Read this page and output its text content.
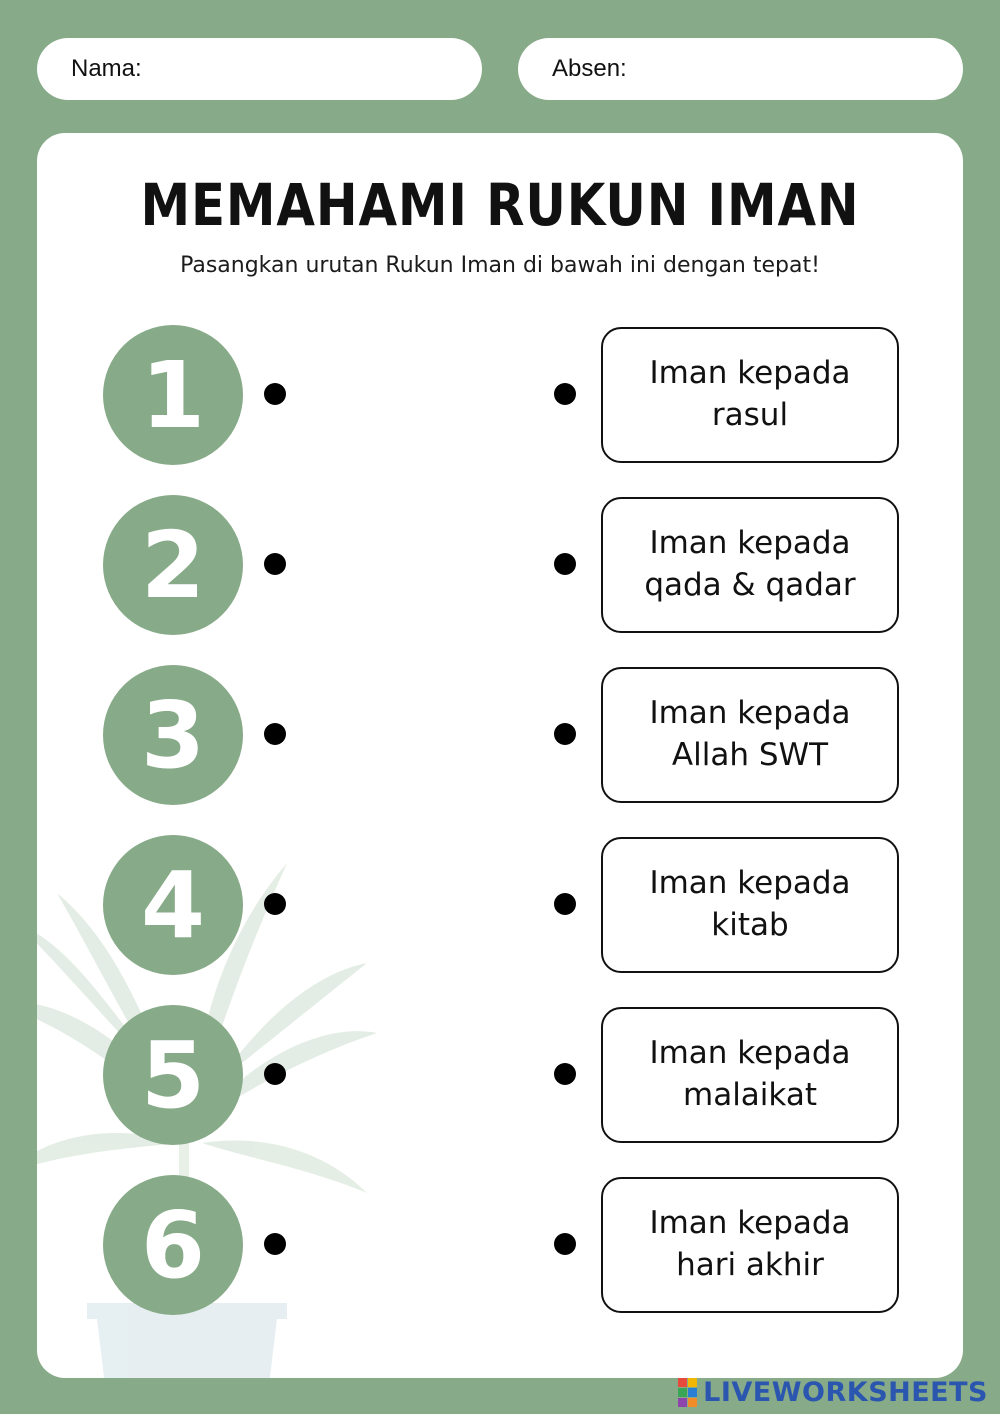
Nama:	Absen:
MEMAHAMI RUKUN IMAN
Pasangkan urutan Rukun Iman di bawah ini dengan tepat!
1	Iman kepada
rasul
2	Iman kepada
qada & qadar
3	Iman kepada
Allah SWT
4	Iman kepada
kitab
5	Iman kepada
malaikat
6	Iman kepada
hari akhir
LIVEWORKSHEETS
